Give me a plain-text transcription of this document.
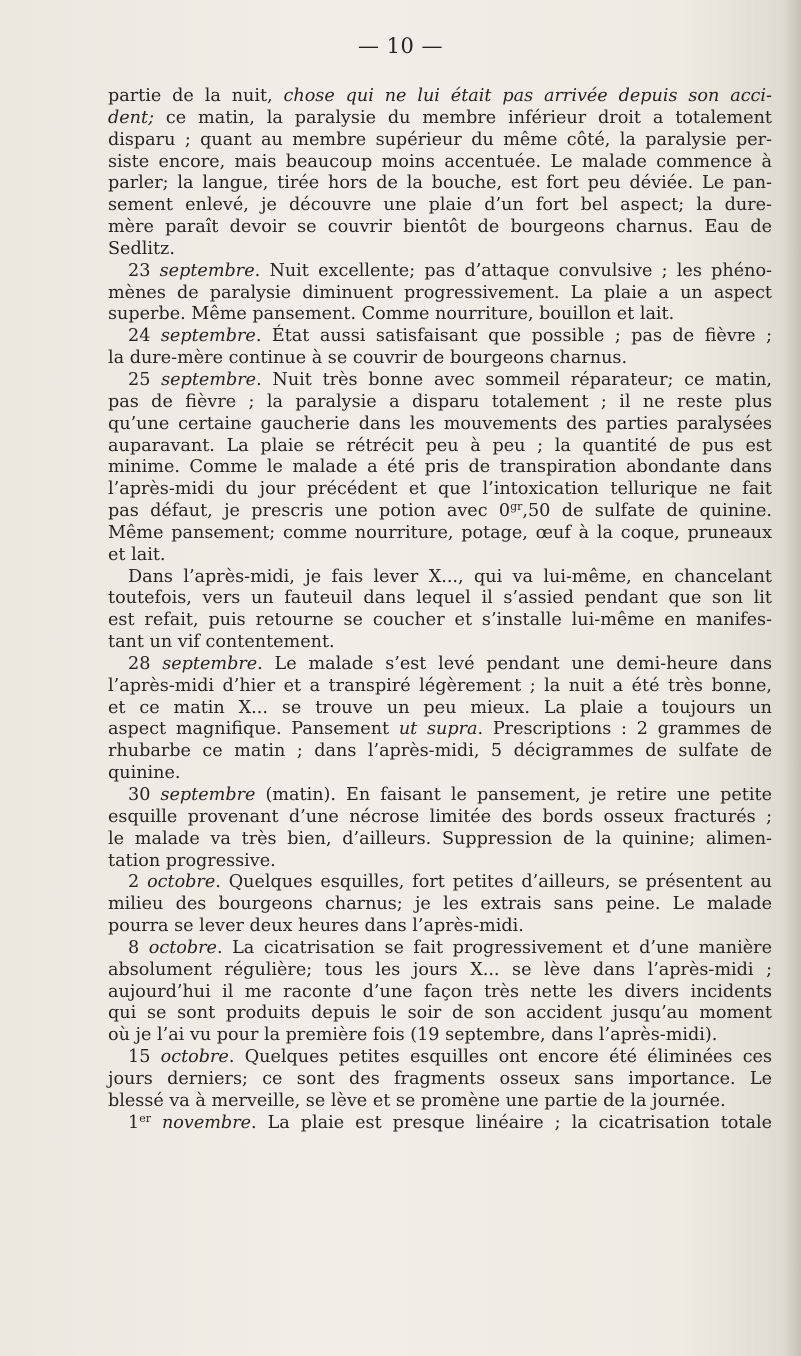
— 10 —

partie de la nuit, chose qui ne lui était pas arrivée depuis son acci-
dent; ce matin, la paralysie du membre inférieur droit a totalement
disparu ; quant au membre supérieur du même côté, la paralysie per-
siste encore, mais beaucoup moins accentuée. Le malade commence à
parler; la langue, tirée hors de la bouche, est fort peu déviée. Le pan-
sement enlevé, je découvre une plaie d’un fort bel aspect; la dure-
mère paraît devoir se couvrir bientôt de bourgeons charnus. Eau de
Sedlitz.
23 septembre. Nuit excellente; pas d’attaque convulsive ; les phéno-
mènes de paralysie diminuent progressivement. La plaie a un aspect
superbe. Même pansement. Comme nourriture, bouillon et lait.
24 septembre. État aussi satisfaisant que possible ; pas de fièvre ;
la dure-mère continue à se couvrir de bourgeons charnus.
25 septembre. Nuit très bonne avec sommeil réparateur; ce matin,
pas de fièvre ; la paralysie a disparu totalement ; il ne reste plus
qu’une certaine gaucherie dans les mouvements des parties paralysées
auparavant. La plaie se rétrécit peu à peu ; la quantité de pus est
minime. Comme le malade a été pris de transpiration abondante dans
l’après-midi du jour précédent et que l’intoxication tellurique ne fait
pas défaut, je prescris une potion avec $0^{gr},50$ de sulfate de quinine.
Même pansement; comme nourriture, potage, œuf à la coque, pruneaux
et lait.
Dans l’après-midi, je fais lever X..., qui va lui-même, en chancelant
toutefois, vers un fauteuil dans lequel il s’assied pendant que son lit
est refait, puis retourne se coucher et s’installe lui-même en manifes-
tant un vif contentement.
28 septembre. Le malade s’est levé pendant une demi-heure dans
l’après-midi d’hier et a transpiré légèrement ; la nuit a été très bonne,
et ce matin X... se trouve un peu mieux. La plaie a toujours un
aspect magnifique. Pansement ut supra. Prescriptions : 2 grammes de
rhubarbe ce matin ; dans l’après-midi, 5 décigrammes de sulfate de
quinine.
30 septembre (matin). En faisant le pansement, je retire une petite
esquille provenant d’une nécrose limitée des bords osseux fracturés ;
le malade va très bien, d’ailleurs. Suppression de la quinine; alimen-
tation progressive.
2 octobre. Quelques esquilles, fort petites d’ailleurs, se présentent au
milieu des bourgeons charnus; je les extrais sans peine. Le malade
pourra se lever deux heures dans l’après-midi.
8 octobre. La cicatrisation se fait progressivement et d’une manière
absolument régulière; tous les jours X... se lève dans l’après-midi ;
aujourd’hui il me raconte d’une façon très nette les divers incidents
qui se sont produits depuis le soir de son accident jusqu’au moment
où je l’ai vu pour la première fois (19 septembre, dans l’après-midi).
15 octobre. Quelques petites esquilles ont encore été éliminées ces
jours derniers; ce sont des fragments osseux sans importance. Le
blessé va à merveille, se lève et se promène une partie de la journée.
1er novembre. La plaie est presque linéaire ; la cicatrisation totale
